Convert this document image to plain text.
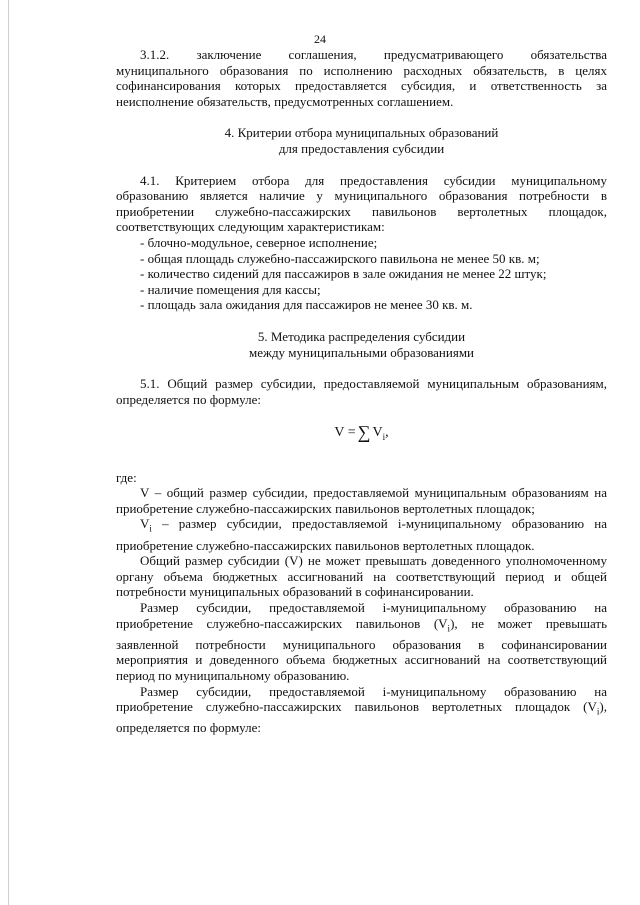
24

3.1.2. заключение соглашения, предусматривающего обязательства муниципального образования по исполнению расходных обязательств, в целях софинансирования которых предоставляется субсидия, и ответственность за неисполнение обязательств, предусмотренных соглашением.

4. Критерии отбора муниципальных образований
для предоставления субсидии

4.1. Критерием отбора для предоставления субсидии муниципальному образованию является наличие у муниципального образования потребности в приобретении служебно-пассажирских павильонов вертолетных площадок, соответствующих следующим характеристикам:

- блочно-модульное, северное исполнение;

- общая площадь служебно-пассажирского павильона не менее 50 кв. м;

- количество сидений для пассажиров в зале ожидания не менее 22 штук;

- наличие помещения для кассы;

- площадь зала ожидания для пассажиров не менее 30 кв. м.

5. Методика распределения субсидии
между муниципальными образованиями

5.1. Общий размер субсидии, предоставляемой муниципальным образованиям, определяется по формуле:

V =∑ $V_i$,

где:

V – общий размер субсидии, предоставляемой муниципальным образованиям на приобретение служебно-пассажирских павильонов вертолетных площадок;

$V_i$ – размер субсидии, предоставляемой i-муниципальному образованию на приобретение служебно-пассажирских павильонов вертолетных площадок.

Общий размер субсидии (V) не может превышать доведенного уполномоченному органу объема бюджетных ассигнований на соответствующий период и общей потребности муниципальных образований в софинансировании.

Размер субсидии, предоставляемой i-муниципальному образованию на приобретение служебно-пассажирских павильонов $(V_i)$, не может превышать заявленной потребности муниципального образования в софинансировании мероприятия и доведенного объема бюджетных ассигнований на соответствующий период по муниципальному образованию.

Размер субсидии, предоставляемой i-муниципальному образованию на приобретение служебно-пассажирских павильонов вертолетных площадок $(V_i)$, определяется по формуле:
